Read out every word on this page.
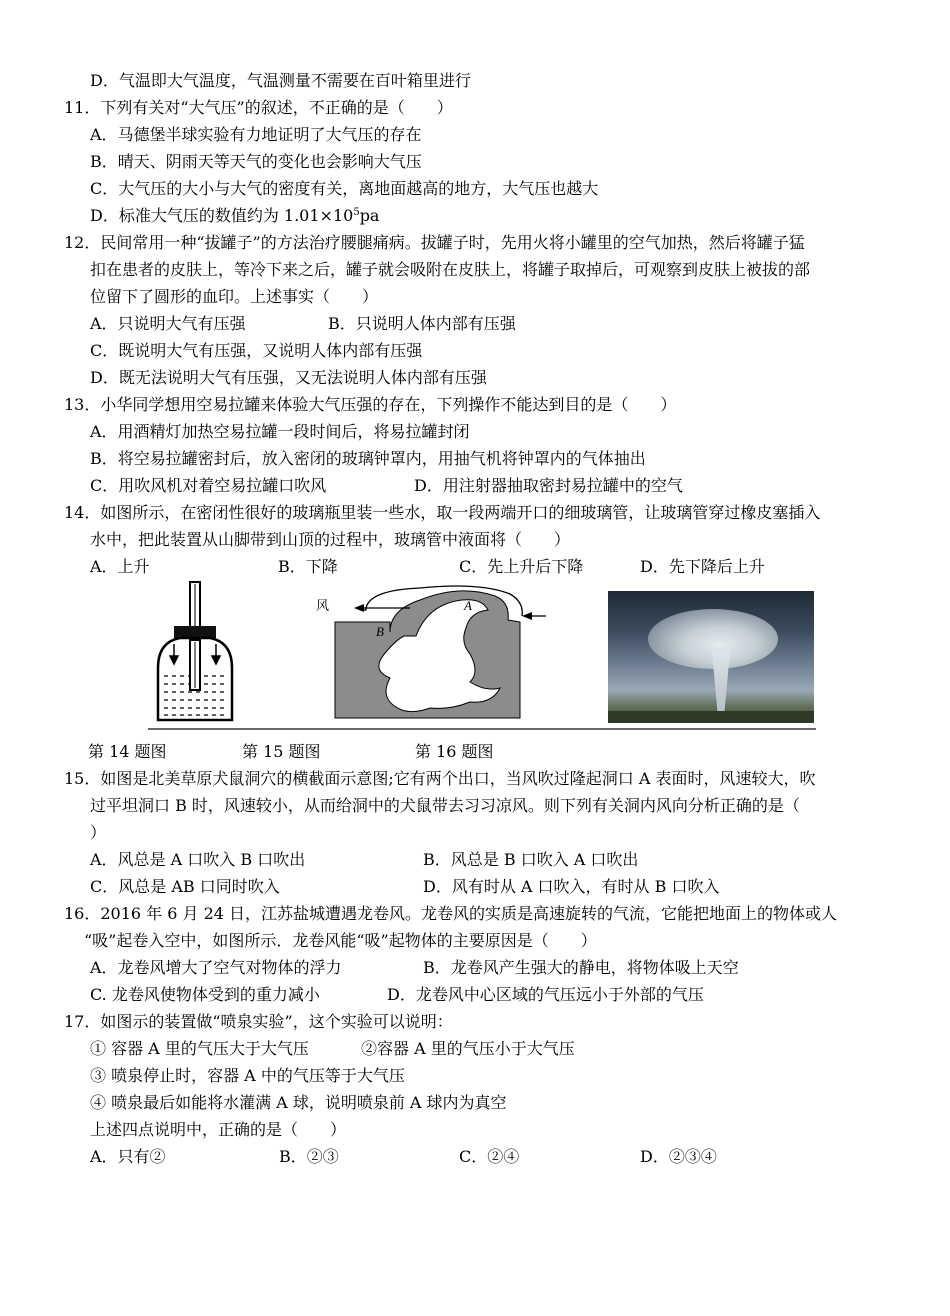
D．气温即大气温度，气温测量不需要在百叶箱里进行
11．下列有关对“大气压”的叙述，不正确的是（　　）
A．马德堡半球实验有力地证明了大气压的存在
B．晴天、阴雨天等天气的变化也会影响大气压
C．大气压的大小与大气的密度有关，离地面越高的地方，大气压也越大
D．标准大气压的数值约为 $1.01\times 10^5pa$
12．民间常用一种“拔罐子”的方法治疗腰腿痛病。拔罐子时，先用火将小罐里的空气加热，然后将罐子猛
扣在患者的皮肤上，等冷下来之后，罐子就会吸附在皮肤上，将罐子取掉后，可观察到皮肤上被拔的部
位留下了圆形的血印。上述事实（　　）
A．只说明大气有压强	B．只说明人体内部有压强
C．既说明大气有压强，又说明人体内部有压强
D．既无法说明大气有压强，又无法说明人体内部有压强
13．小华同学想用空易拉罐来体验大气压强的存在，下列操作不能达到目的是（　　）
A．用酒精灯加热空易拉罐一段时间后，将易拉罐封闭
B．将空易拉罐密封后，放入密闭的玻璃钟罩内，用抽气机将钟罩内的气体抽出
C．用吹风机对着空易拉罐口吹风	D．用注射器抽取密封易拉罐中的空气
14．如图所示，在密闭性很好的玻璃瓶里装一些水，取一段两端开口的细玻璃管，让玻璃管穿过橡皮塞插入
水中，把此装置从山脚带到山顶的过程中，玻璃管中液面将（　　）
A．上升	B．下降	C．先上升后下降	D．先下降后上升
风	A
B
第 14 题图	第 15 题图	第 16 题图
15．如图是北美草原犬鼠洞穴的横截面示意图;它有两个出口，当风吹过隆起洞口 A 表面时，风速较大，吹
过平坦洞口 B 时，风速较小，从而给洞中的犬鼠带去习习凉风。则下列有关洞内风向分析正确的是（
）
A．风总是 A 口吹入 B 口吹出	B．风总是 B 口吹入 A 口吹出
C．风总是 AB 口同时吹入	D．风有时从 A 口吹入，有时从 B 口吹入
16．2016 年 6 月 24 日，江苏盐城遭遇龙卷风。龙卷风的实质是高速旋转的气流，它能把地面上的物体或人
“吸”起卷入空中，如图所示．龙卷风能“吸”起物体的主要原因是（　　）
A．龙卷风增大了空气对物体的浮力	B．龙卷风产生强大的静电，将物体吸上天空
C. 龙卷风使物体受到的重力减小	D．龙卷风中心区域的气压远小于外部的气压
17．如图示的装置做“喷泉实验”，这个实验可以说明：
① 容器 A 里的气压大于大气压	②容器 A 里的气压小于大气压
③ 喷泉停止时，容器 A 中的气压等于大气压
④ 喷泉最后如能将水灌满 A 球，说明喷泉前 A 球内为真空
上述四点说明中，正确的是（　　）
A．只有②	B．②③	C．②④	D．②③④
